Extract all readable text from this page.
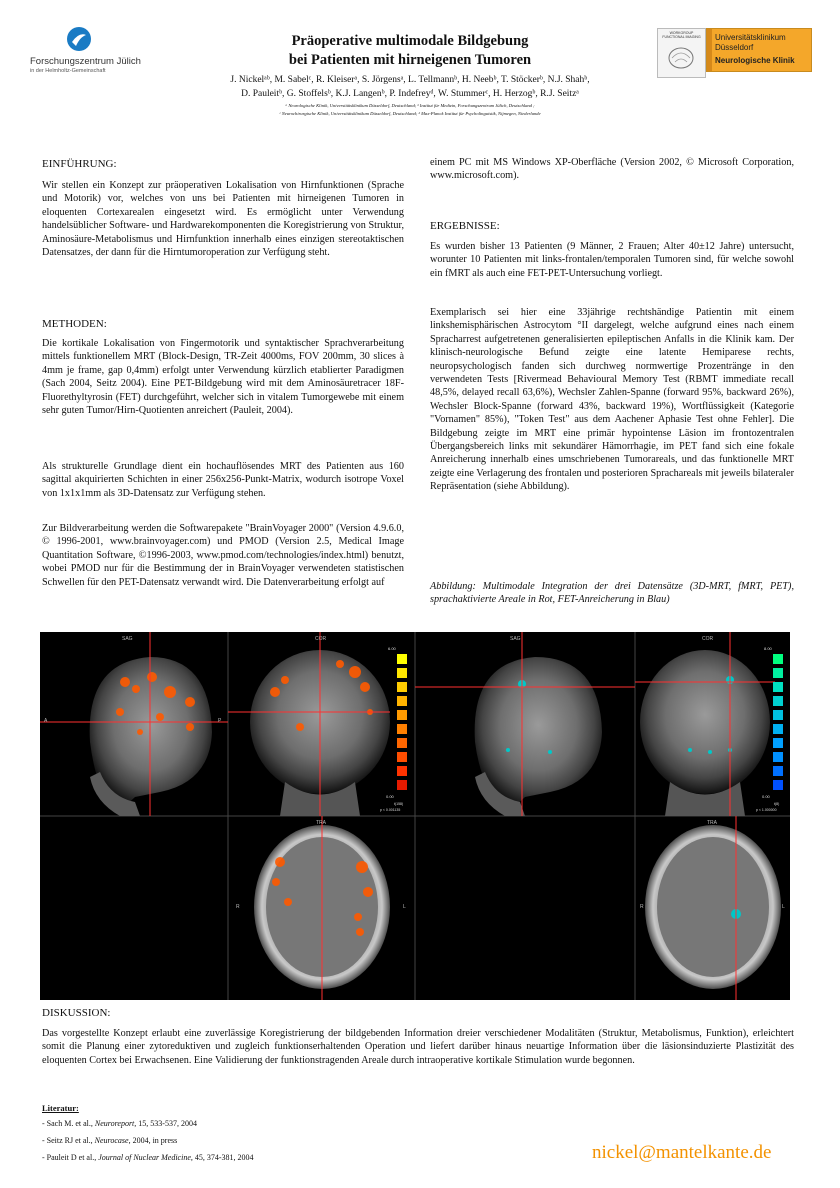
Forschungszentrum Jülich
in der Helmholtz-Gemeinschaft
WORKGROUP FUNCTIONAL IMAGING Universitätsklinikum
Düsseldorf
Neurologische Klinik
Präoperative multimodale Bildgebung
bei Patienten mit hirneigenen Tumoren
J. Nickelᵃᵇ, M. Sabelᶜ, R. Kleiserᵃ, S. Jörgensᵃ, L. Tellmannᵇ, H. Neebᵇ, T. Stöckerᵇ, N.J. Shahᵇ,
D. Pauleitᵇ, G. Stoffelsᵇ, K.J. Langenᵇ, P. Indefreyᵈ, W. Stummerᶜ, H. Herzogᵇ, R.J. Seitzᵃ
ᵃ Neurologische Klinik, Universitätsklinikum Düsseldorf, Deutschland; ᵇ Institut für Medizin, Forschungszentrum Jülich, Deutschland ;
ᶜ Neurochirurgische Klinik, Universitätsklinikum Düsseldorf, Deutschland; ᵈ Max-Planck Institut für Psycholinguistik, Nijmegen, Niederlande
EINFÜHRUNG:
Wir stellen ein Konzept zur präoperativen Lokalisation von Hirnfunktionen (Sprache und Motorik) vor, welches von uns bei Patienten mit hirneigenen Tumoren in eloquenten Cortexarealen eingesetzt wird. Es ermöglicht unter Verwendung handelsüblicher Software- und Hardwarekomponenten die Koregistrierung von Struktur, Aminosäure-Metabolismus und Hirnfunktion innerhalb eines einzigen stereotaktischen Datensatzes, der dann für die Hirntumoroperation zur Verfügung steht.
METHODEN:
Die kortikale Lokalisation von Fingermotorik und syntaktischer Sprachverarbeitung mittels funktionellem MRT (Block-Design, TR-Zeit 4000ms, FOV 200mm, 30 slices à 4mm je frame, gap 0,4mm) erfolgt unter Verwendung kürzlich etablierter Paradigmen (Sach 2004, Seitz 2004). Eine PET-Bildgebung wird mit dem Aminosäuretracer 18F-Fluorethyltyrosin (FET) durchgeführt, welcher sich in vitalem Tumorgewebe mit einem sehr guten Tumor/Hirn-Quotienten anreichert (Pauleit, 2004).
Als strukturelle Grundlage dient ein hochauflösendes MRT des Patienten aus 160 sagittal akquirierten Schichten in einer 256x256-Punkt-Matrix, wodurch isotrope Voxel von 1x1x1mm als 3D-Datensatz zur Verfügung stehen.
Zur Bildverarbeitung werden die Softwarepakete "BrainVoyager 2000" (Version 4.9.6.0, © 1996-2001, www.brainvoyager.com) und PMOD (Version 2.5, Medical Image Quantitation Software, ©1996-2003, www.pmod.com/technologies/index.html) benutzt, wobei PMOD nur für die Bestimmung der in BrainVoyager verwendeten statistischen Schwellen für den PET-Datensatz verwandt wird. Die Datenverarbeitung erfolgt auf
einem PC mit MS Windows XP-Oberfläche (Version 2002, © Microsoft Corporation, www.microsoft.com).
ERGEBNISSE:
Es wurden bisher 13 Patienten (9 Männer, 2 Frauen; Alter 40±12 Jahre) untersucht, worunter 10 Patienten mit links-frontalen/temporalen Tumoren sind, für welche sowohl ein fMRT als auch eine FET-PET-Untersuchung vorliegt.
Exemplarisch sei hier eine 33jährige rechtshändige Patientin mit einem linkshemisphärischen Astrocytom °II dargelegt, welche aufgrund eines nach einem Spracharrest aufgetretenen generalisierten epileptischen Anfalls in die Klinik kam. Der klinisch-neurologische Befund zeigte eine latente Hemiparese rechts, neuropsychologisch fanden sich durchweg normwertige Prozentränge in den verwendeten Tests [Rivermead Behavioural Memory Test (RBMT immediate recall 48,5%, delayed recall 63,6%), Wechsler Zahlen-Spanne (forward 95%, backward 26%), Wechsler Block-Spanne (forward 43%, backward 19%), Wortflüssigkeit (Kategorie "Vornamen" 85%), "Token Test" aus dem Aachener Aphasie Test ohne Fehler]. Die Bildgebung zeigte im MRT eine primär hypointense Läsion im frontozentralen Übergangsbereich links mit sekundärer Hämorrhagie, im PET fand sich eine fokale Anreicherung innerhalb eines umschriebenen Tumorareals, und das funktionelle MRT zeigte eine Verlagerung des frontalen und posterioren Sprachareals mit jeweils bilateraler Repräsentation (siehe Abbildung).
Abbildung: Multimodale Integration der drei Datensätze (3D-MRT, fMRT, PET), sprachaktivierte Areale in Rot, FET-Anreicherung in Blau)
SAG
A	P
COR
6.00
0.00
t(158)
p < 0.001135
SAG	COR
8.00
0.00
t(8)
p < 1.000000
TRA
R	L
TRA
R	L
DISKUSSION:
Das vorgestellte Konzept erlaubt eine zuverlässige Koregistrierung der bildgebenden Information dreier verschiedener Modalitäten (Struktur, Metabolismus, Funktion), erleichtert somit die Planung einer zytoreduktiven und zugleich funktionserhaltenden Operation und liefert darüber hinaus neuartige Information über die läsionsinduzierte Plastizität des eloquenten Cortex bei Erwachsenen. Eine Validierung der funktionstragenden Areale durch intraoperative kortikale Stimulation wurde begonnen.
Literatur:
- Sach M. et al., Neuroreport, 15, 533-537, 2004
- Seitz RJ et al., Neurocase, 2004, in press
- Pauleit D et al., Journal of Nuclear Medicine, 45, 374-381, 2004	nickel@mantelkante.de
